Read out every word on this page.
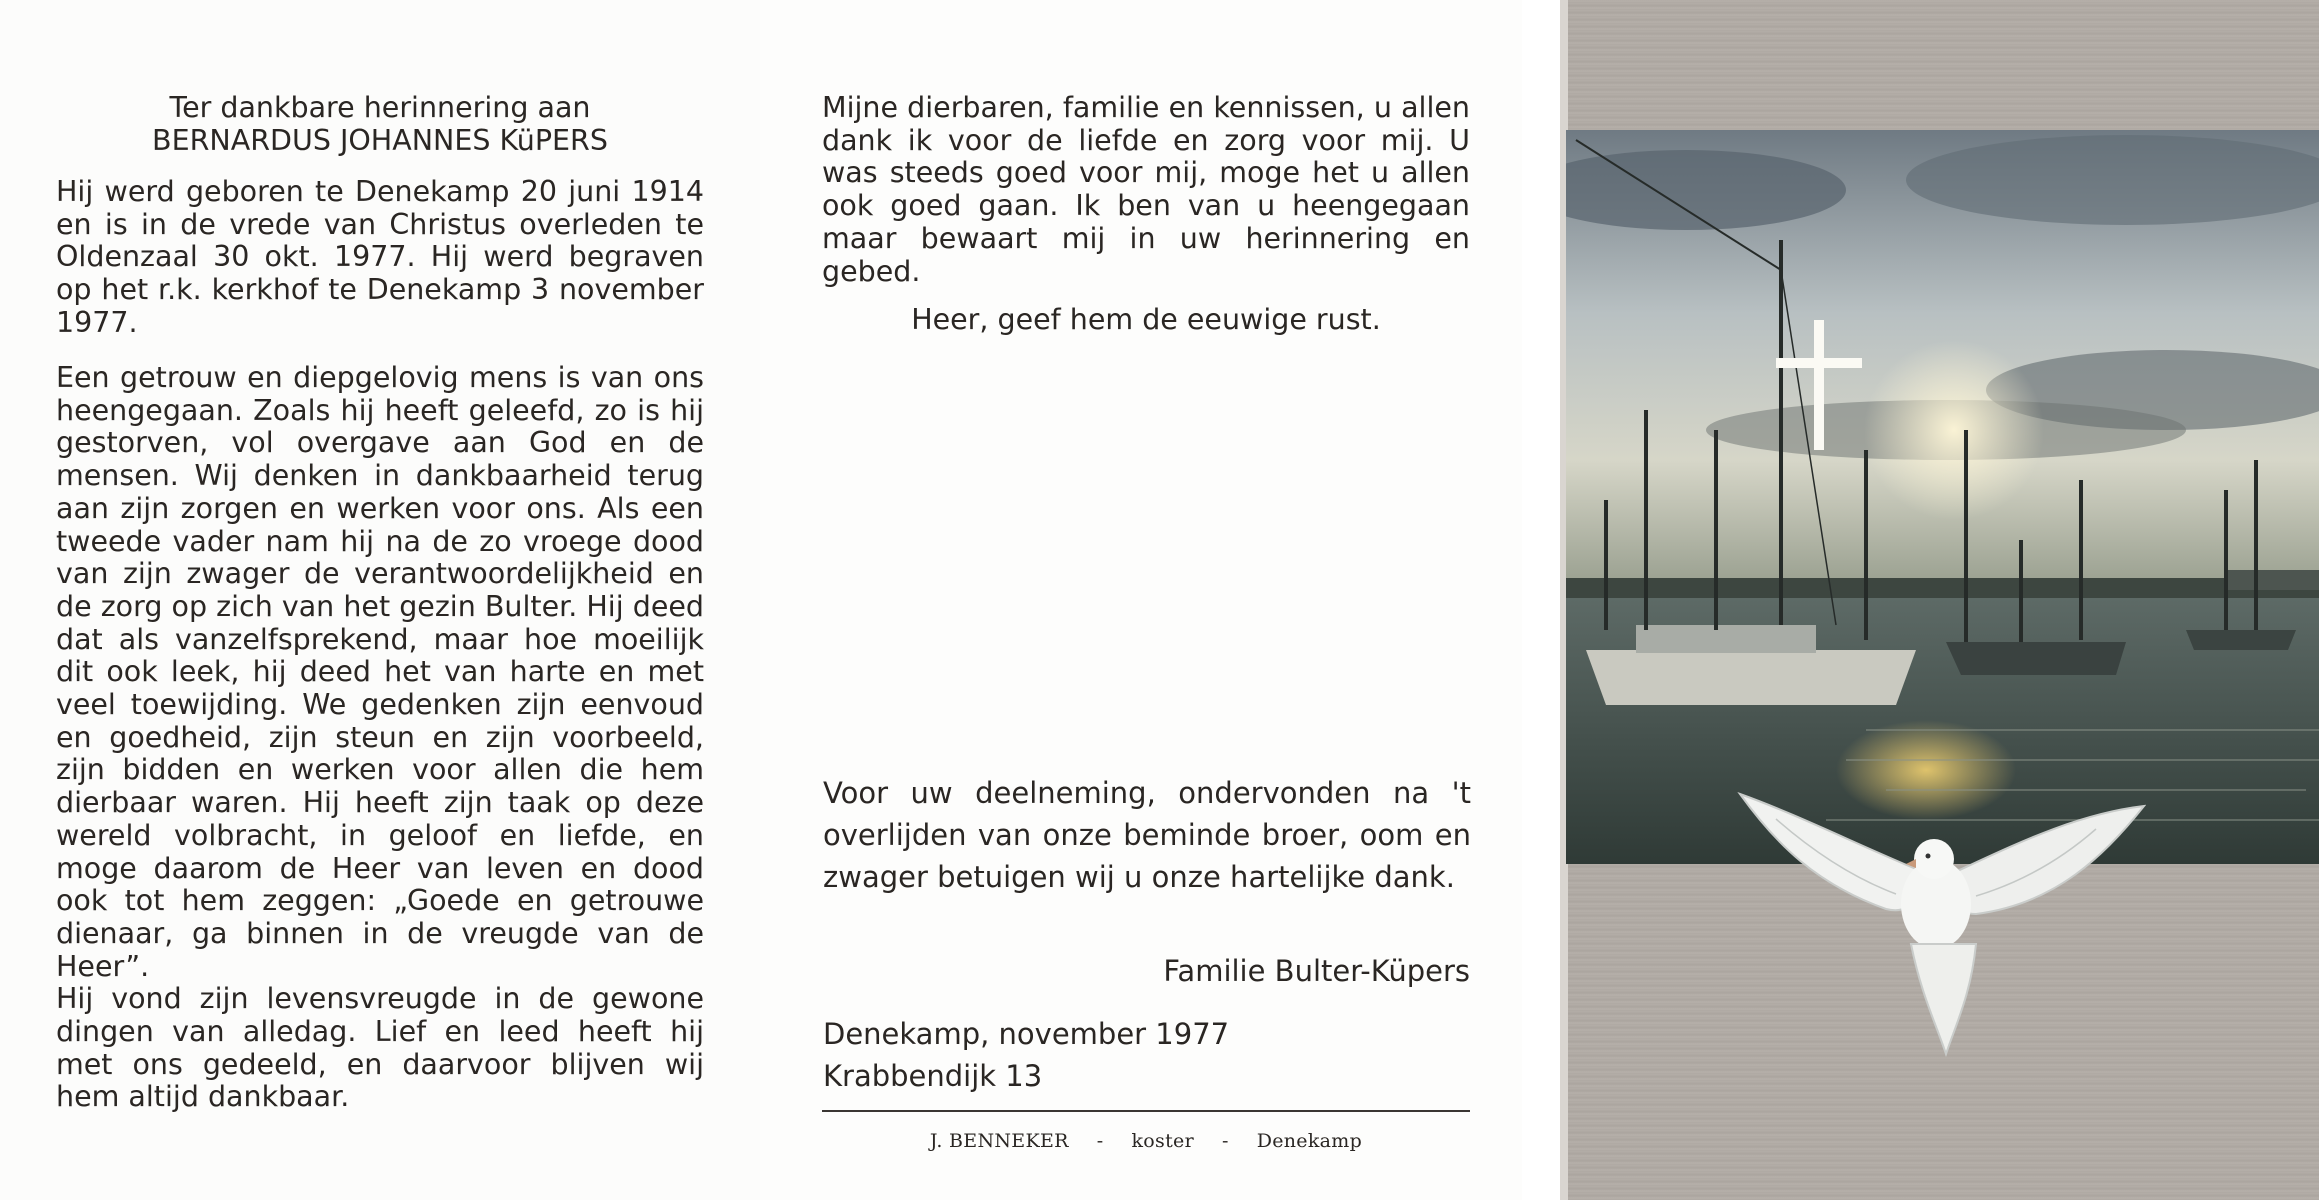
Ter dankbare herinnering aan
BERNARDUS JOHANNES KüPERS
Hij werd geboren te Denekamp 20 juni 1914 en is in de vrede van Christus overleden te Oldenzaal 30 okt. 1977. Hij werd begraven op het r.k. kerkhof te Denekamp 3 november 1977.

Een getrouw en diepgelovig mens is van ons heengegaan. Zoals hij heeft geleefd, zo is hij gestorven, vol overgave aan God en de mensen. Wij denken in dankbaarheid terug aan zijn zorgen en werken voor ons. Als een tweede vader nam hij na de zo vroege dood van zijn zwager de verantwoordelijkheid en de zorg op zich van het gezin Bulter. Hij deed dat als vanzelfsprekend, maar hoe moeilijk dit ook leek, hij deed het van harte en met veel toewijding. We gedenken zijn eenvoud en goedheid, zijn steun en zijn voorbeeld, zijn bidden en werken voor allen die hem dierbaar waren. Hij heeft zijn taak op deze wereld volbracht, in geloof en liefde, en moge daarom de Heer van leven en dood ook tot hem zeggen: „Goede en getrouwe dienaar, ga binnen in de vreugde van de Heer”.

Hij vond zijn levensvreugde in de gewone dingen van alledag. Lief en leed heeft hij met ons gedeeld, en daarvoor blijven wij hem altijd dankbaar.

Mijne dierbaren, familie en kennissen, u allen dank ik voor de liefde en zorg voor mij. U was steeds goed voor mij, moge het u allen ook goed gaan. Ik ben van u heengegaan maar bewaart mij in uw herinnering en gebed.
Heer, geef hem de eeuwige rust.
Voor uw deelneming, ondervonden na 't overlijden van onze beminde broer, oom en zwager betuigen wij u onze hartelijke dank.
Familie Bulter-Küpers
Denekamp, november 1977
Krabbendijk 13
J. BENNEKER - koster - Denekamp
